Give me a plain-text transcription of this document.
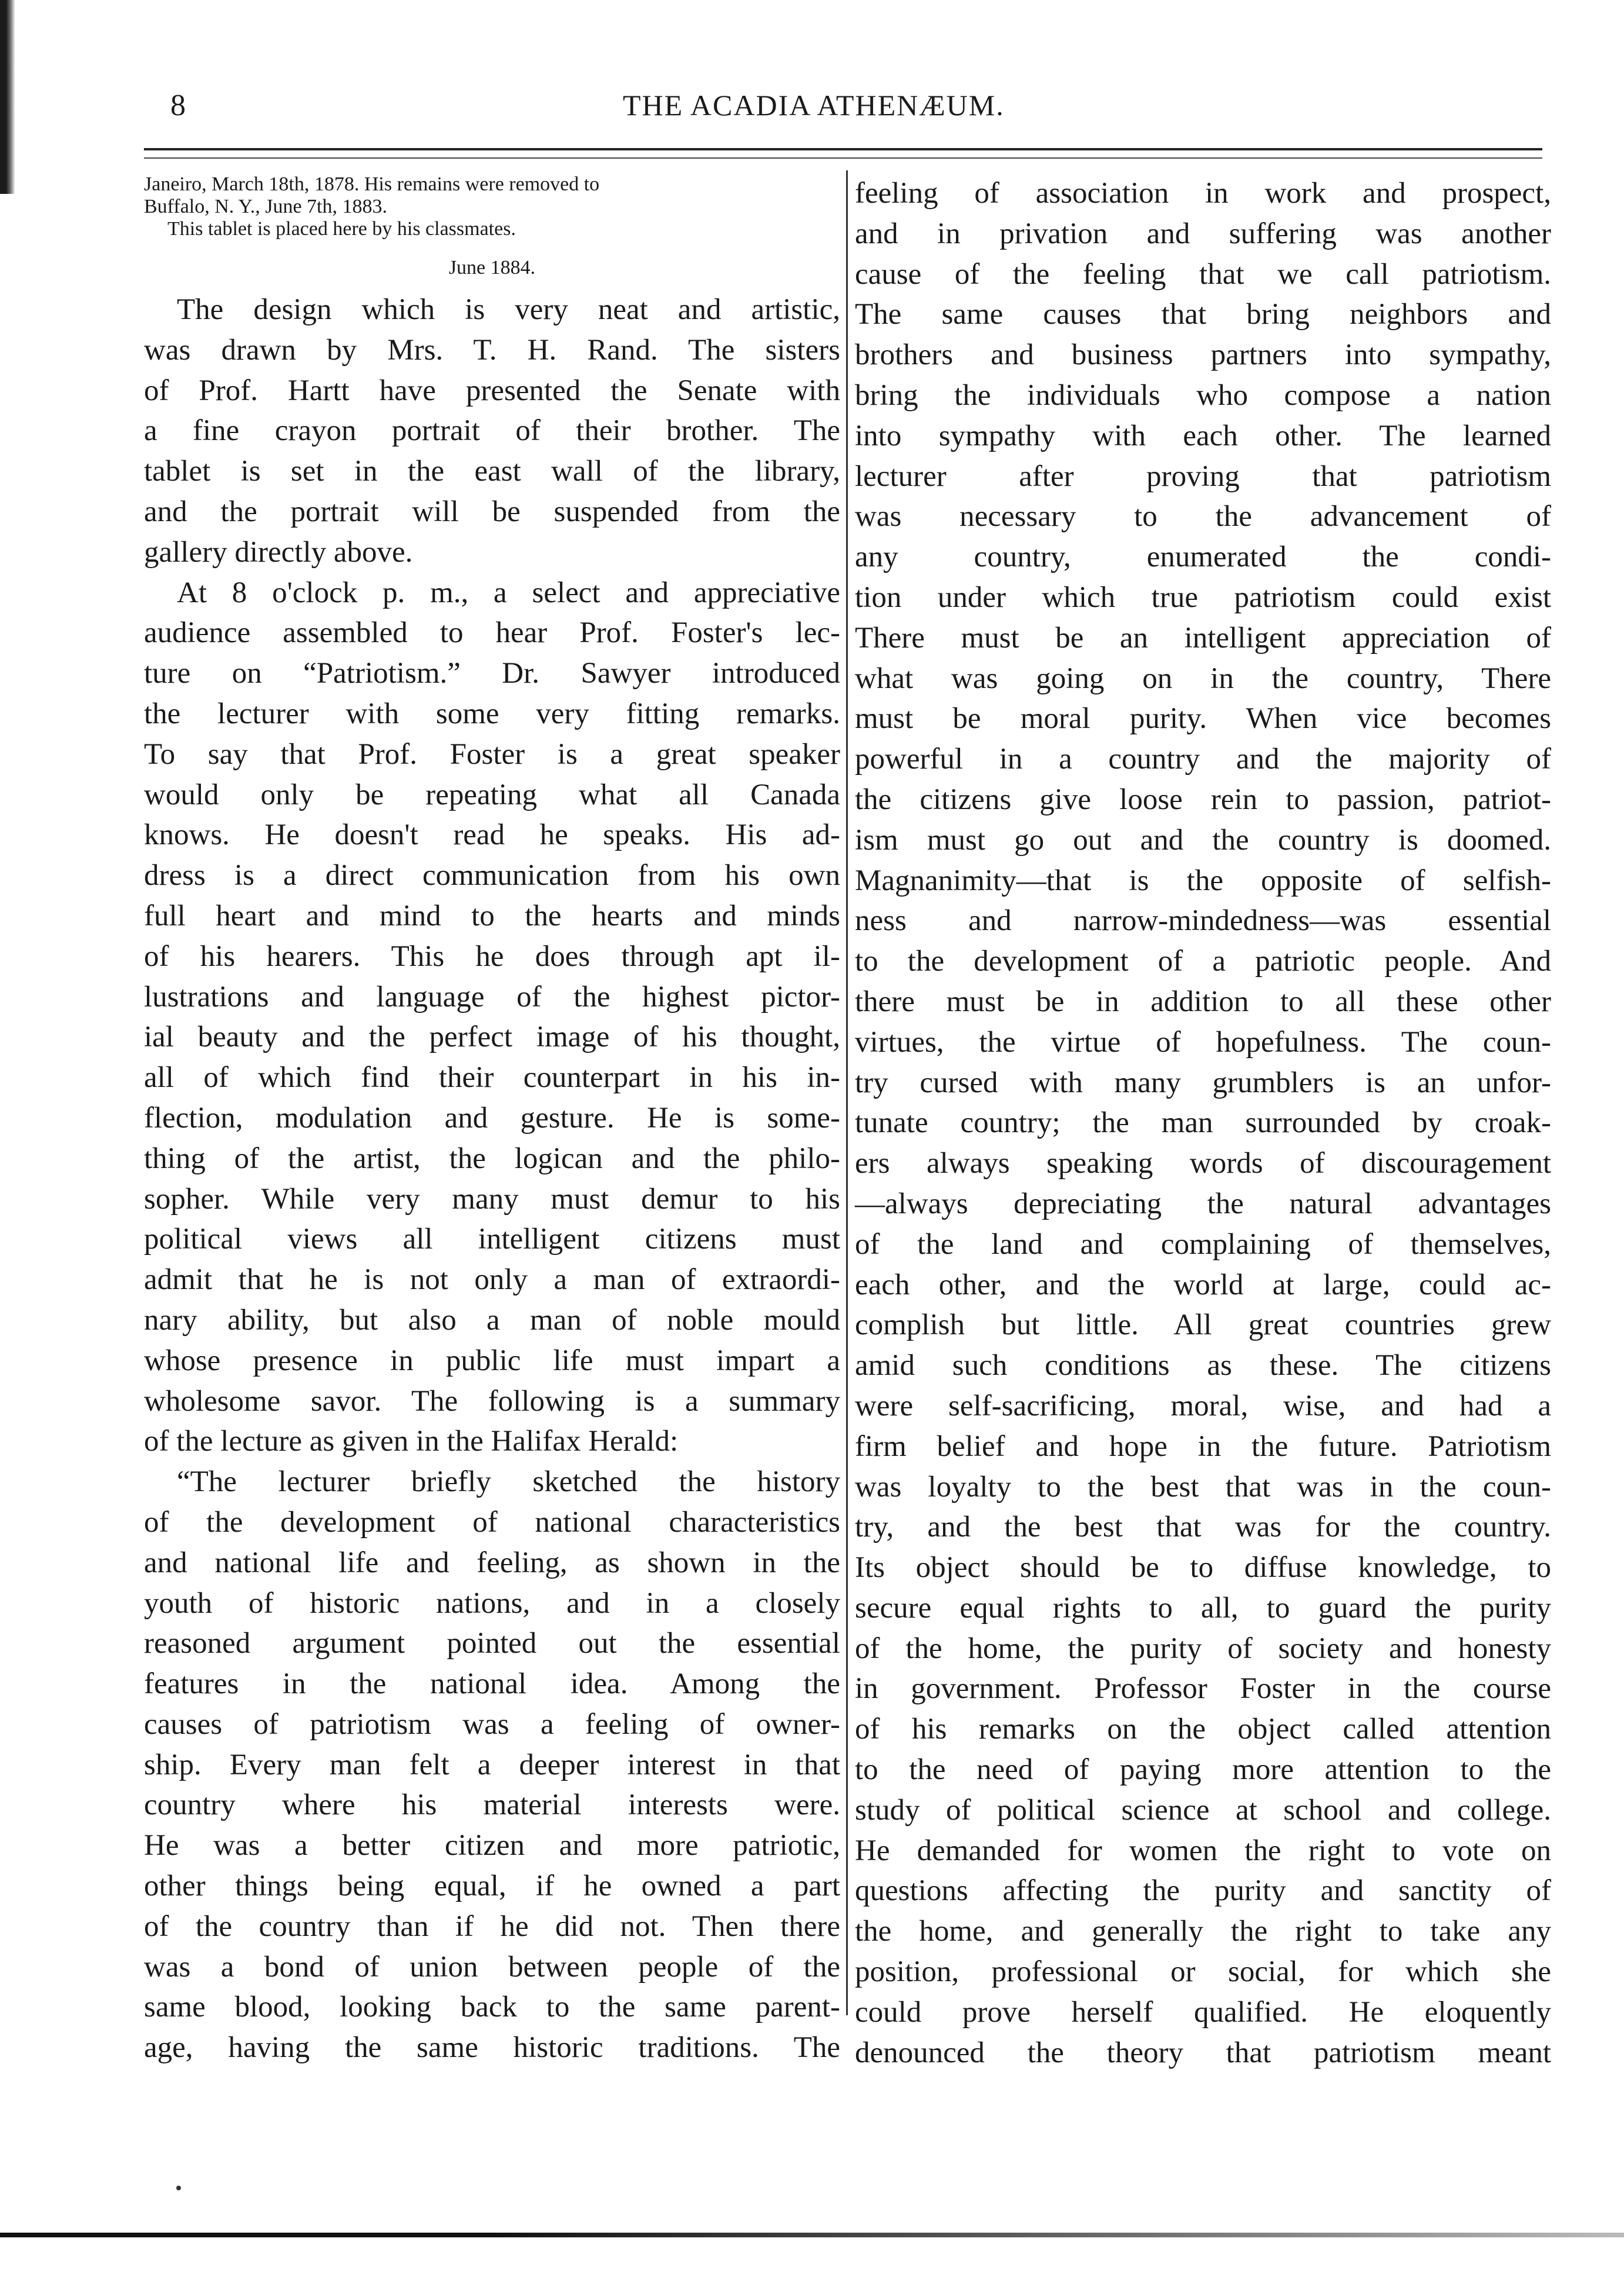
8	THE ACADIA ATHENÆUM.

Janeiro, March 18th, 1878. His remains were removed to

Buffalo, N. Y., June 7th, 1883.

This tablet is placed here by his classmates.

June 1884.

The design which is very neat and artistic,
was drawn by Mrs. T. H. Rand. The sisters
of Prof. Hartt have presented the Senate with
a fine crayon portrait of their brother. The
tablet is set in the east wall of the library,
and the portrait will be suspended from the
gallery directly above.
At 8 o'clock p. m., a select and appreciative
audience assembled to hear Prof. Foster's lec-
ture on “Patriotism.” Dr. Sawyer introduced
the lecturer with some very fitting remarks.
To say that Prof. Foster is a great speaker
would only be repeating what all Canada
knows. He doesn't read he speaks. His ad-
dress is a direct communication from his own
full heart and mind to the hearts and minds
of his hearers. This he does through apt il-
lustrations and language of the highest pictor-
ial beauty and the perfect image of his thought,
all of which find their counterpart in his in-
flection, modulation and gesture. He is some-
thing of the artist, the logican and the philo-
sopher. While very many must demur to his
political views all intelligent citizens must
admit that he is not only a man of extraordi-
nary ability, but also a man of noble mould
whose presence in public life must impart a
wholesome savor. The following is a summary
of the lecture as given in the Halifax Herald:
“The lecturer briefly sketched the history
of the development of national characteristics
and national life and feeling, as shown in the
youth of historic nations, and in a closely
reasoned argument pointed out the essential
features in the national idea. Among the
causes of patriotism was a feeling of owner-
ship. Every man felt a deeper interest in that
country where his material interests were.
He was a better citizen and more patriotic,
other things being equal, if he owned a part
of the country than if he did not. Then there
was a bond of union between people of the
same blood, looking back to the same parent-
age, having the same historic traditions. The
feeling of association in work and prospect,
and in privation and suffering was another
cause of the feeling that we call patriotism.
The same causes that bring neighbors and
brothers and business partners into sympathy,
bring the individuals who compose a nation
into sympathy with each other. The learned
lecturer after proving that patriotism
was necessary to the advancement of
any country, enumerated the condi-
tion under which true patriotism could exist
There must be an intelligent appreciation of
what was going on in the country, There
must be moral purity. When vice becomes
powerful in a country and the majority of
the citizens give loose rein to passion, patriot-
ism must go out and the country is doomed.
Magnanimity—that is the opposite of selfish-
ness and narrow-mindedness—was essential
to the development of a patriotic people. And
there must be in addition to all these other
virtues, the virtue of hopefulness. The coun-
try cursed with many grumblers is an unfor-
tunate country; the man surrounded by croak-
ers always speaking words of discouragement
—always depreciating the natural advantages
of the land and complaining of themselves,
each other, and the world at large, could ac-
complish but little. All great countries grew
amid such conditions as these. The citizens
were self-sacrificing, moral, wise, and had a
firm belief and hope in the future. Patriotism
was loyalty to the best that was in the coun-
try, and the best that was for the country.
Its object should be to diffuse knowledge, to
secure equal rights to all, to guard the purity
of the home, the purity of society and honesty
in government. Professor Foster in the course
of his remarks on the object called attention
to the need of paying more attention to the
study of political science at school and college.
He demanded for women the right to vote on
questions affecting the purity and sanctity of
the home, and generally the right to take any
position, professional or social, for which she
could prove herself qualified. He eloquently
denounced the theory that patriotism meant
